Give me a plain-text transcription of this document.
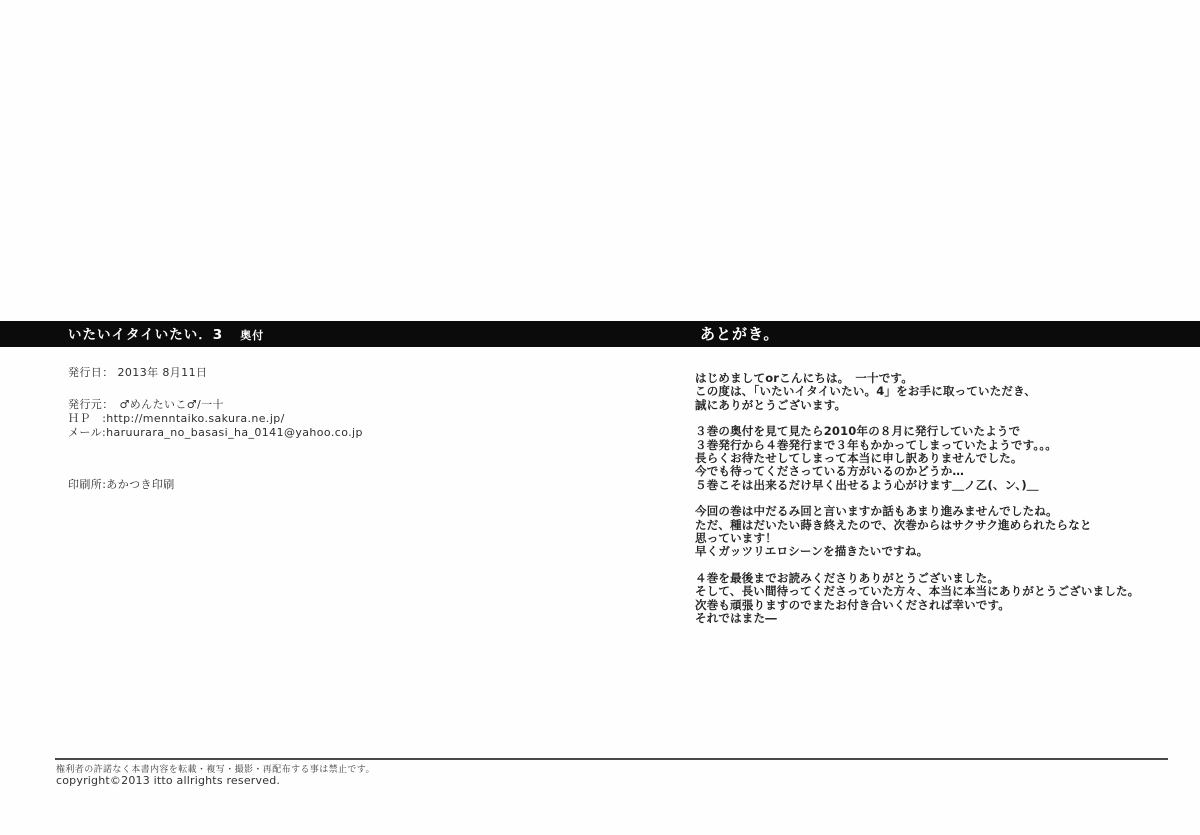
いたいイタイいたい．3 奥付	あとがき。
発行日： 2013年 8月11日
発行元：　♂めんたいこ♂/一十
ＨＰ　:http://menntaiko.sakura.ne.jp/
メール:haruurara_no_basasi_ha_0141@yahoo.co.jp
印刷所:あかつき印刷

はじめましてorこんにちは。　一十です。
この度は、「いたいイタイいたい。4」をお手に取っていただき、
誠にありがとうございます。

３巻の奥付を見て見たら2010年の８月に発行していたようで
３巻発行から４巻発行まで３年もかかってしまっていたようです。。。
長らくお待たせしてしまって本当に申し訳ありませんでした。
今でも待ってくださっている方がいるのかどうか…
５巻こそは出来るだけ早く出せるよう心がけます＿ノ乙(、ン、)＿

今回の巻は中だるみ回と言いますか話もあまり進みませんでしたね。
ただ、種はだいたい蒔き終えたので、次巻からはサクサク進められたらなと
思っています！
早くガッツリエロシーンを描きたいですね。

４巻を最後までお読みくださりありがとうございました。
そして、長い間待ってくださっていた方々、本当に本当にありがとうございました。
次巻も頑張りますのでまたお付き合いくだされば幸いです。
それではまた―

権利者の許諾なく本書内容を転載・複写・撮影・再配布する事は禁止です。
copyright©2013 itto allrights reserved.
